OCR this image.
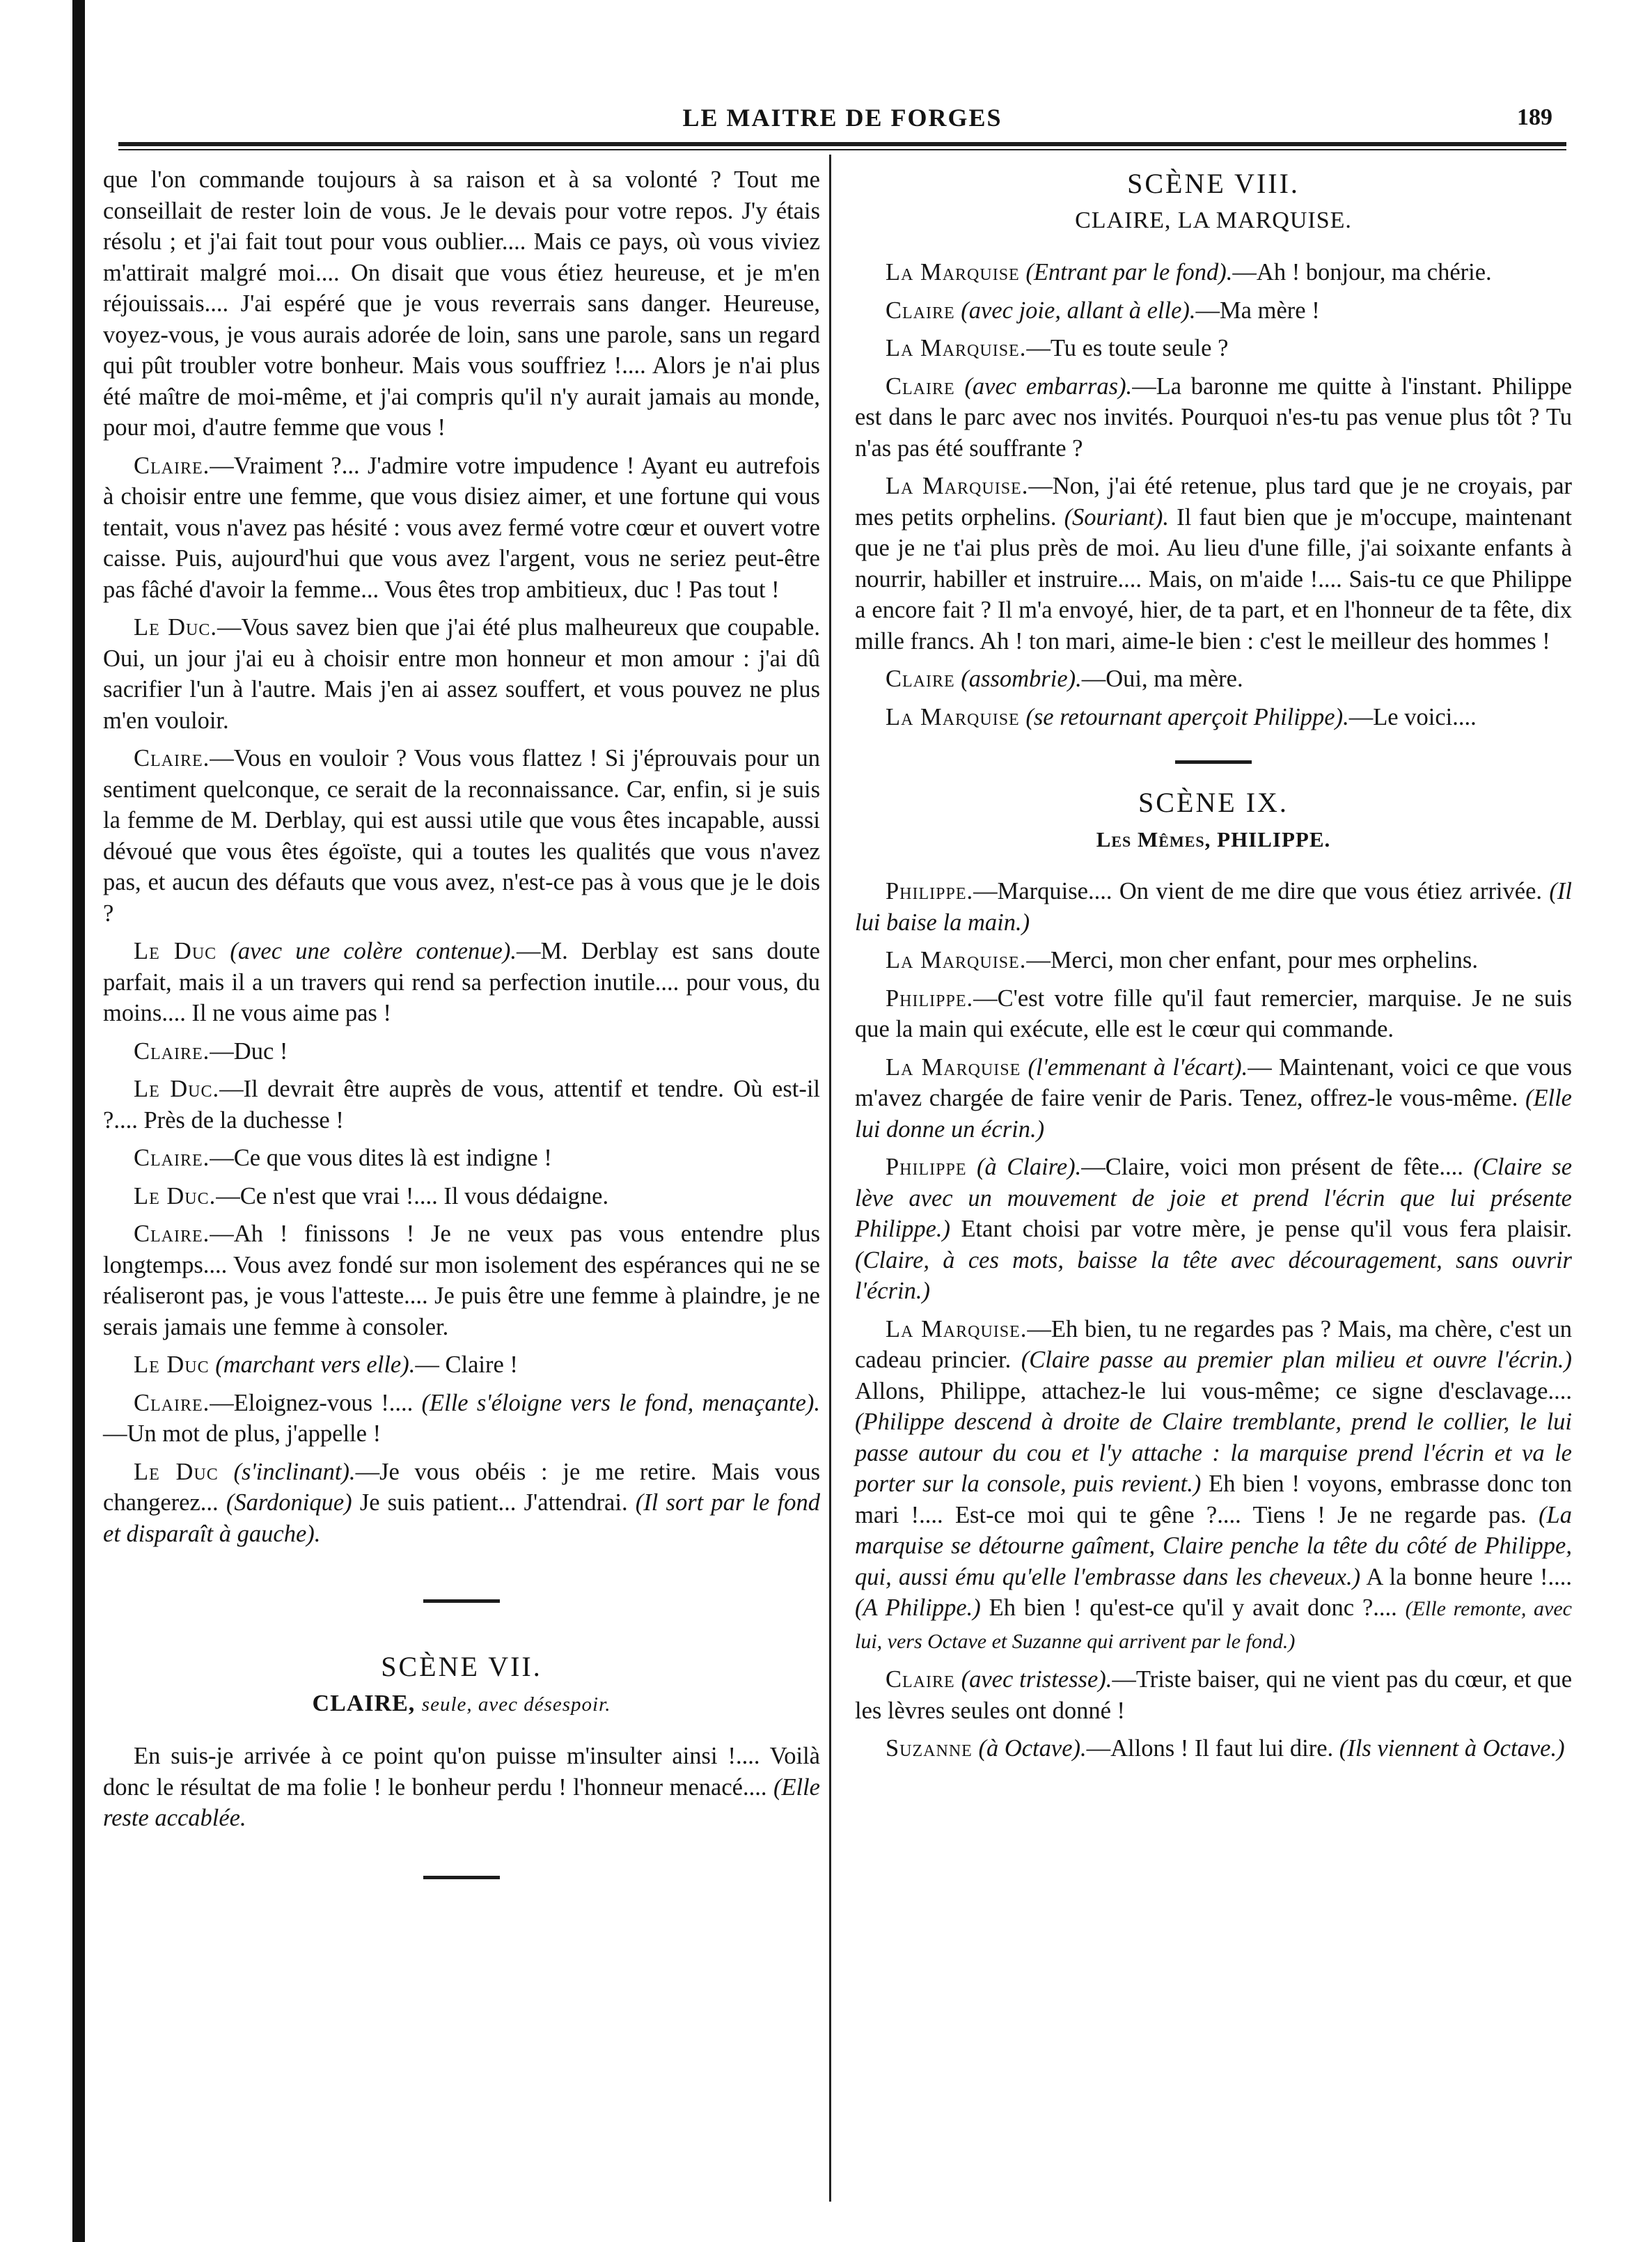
LE MAITRE DE FORGES	189

que l'on commande toujours à sa raison et à sa volonté ? Tout me conseillait de rester loin de vous. Je le devais pour votre repos. J'y étais résolu ; et j'ai fait tout pour vous oublier.... Mais ce pays, où vous viviez m'attirait malgré moi.... On disait que vous étiez heureuse, et je m'en réjouissais.... J'ai espéré que je vous reverrais sans danger. Heureuse, voyez-vous, je vous aurais adorée de loin, sans une parole, sans un regard qui pût troubler votre bonheur. Mais vous souffriez !.... Alors je n'ai plus été maître de moi-même, et j'ai compris qu'il n'y aurait jamais au monde, pour moi, d'autre femme que vous !

Claire.—Vraiment ?... J'admire votre impudence ! Ayant eu autrefois à choisir entre une femme, que vous disiez aimer, et une fortune qui vous tentait, vous n'avez pas hésité : vous avez fermé votre cœur et ouvert votre caisse. Puis, aujourd'hui que vous avez l'argent, vous ne seriez peut-être pas fâché d'avoir la femme... Vous êtes trop ambitieux, duc ! Pas tout !

Le Duc.—Vous savez bien que j'ai été plus malheureux que coupable. Oui, un jour j'ai eu à choisir entre mon honneur et mon amour : j'ai dû sacrifier l'un à l'autre. Mais j'en ai assez souffert, et vous pouvez ne plus m'en vouloir.

Claire.—Vous en vouloir ? Vous vous flattez ! Si j'éprouvais pour un sentiment quelconque, ce serait de la reconnaissance. Car, enfin, si je suis la femme de M. Derblay, qui est aussi utile que vous êtes incapable, aussi dévoué que vous êtes égoïste, qui a toutes les qualités que vous n'avez pas, et aucun des défauts que vous avez, n'est-ce pas à vous que je le dois ?

Le Duc (avec une colère contenue).—M. Derblay est sans doute parfait, mais il a un travers qui rend sa perfection inutile.... pour vous, du moins.... Il ne vous aime pas !

Claire.—Duc !

Le Duc.—Il devrait être auprès de vous, attentif et tendre. Où est-il ?.... Près de la duchesse !

Claire.—Ce que vous dites là est indigne !

Le Duc.—Ce n'est que vrai !.... Il vous dédaigne.

Claire.—Ah ! finissons ! Je ne veux pas vous entendre plus longtemps.... Vous avez fondé sur mon isolement des espérances qui ne se réaliseront pas, je vous l'atteste.... Je puis être une femme à plaindre, je ne serais jamais une femme à consoler.

Le Duc (marchant vers elle).— Claire !

Claire.—Eloignez-vous !.... (Elle s'éloigne vers le fond, menaçante).—Un mot de plus, j'appelle !

Le Duc (s'inclinant).—Je vous obéis : je me retire. Mais vous changerez... (Sardonique) Je suis patient... J'attendrai. (Il sort par le fond et disparaît à gauche).

SCÈNE VII.
CLAIRE, seule, avec désespoir.

En suis-je arrivée à ce point qu'on puisse m'insulter ainsi !.... Voilà donc le résultat de ma folie ! le bonheur perdu ! l'honneur menacé.... (Elle reste accablée.

SCÈNE VIII.
CLAIRE, LA MARQUISE.

La Marquise (Entrant par le fond).—Ah ! bonjour, ma chérie.

Claire (avec joie, allant à elle).—Ma mère !

La Marquise.—Tu es toute seule ?

Claire (avec embarras).—La baronne me quitte à l'instant. Philippe est dans le parc avec nos invités. Pourquoi n'es-tu pas venue plus tôt ? Tu n'as pas été souffrante ?

La Marquise.—Non, j'ai été retenue, plus tard que je ne croyais, par mes petits orphelins. (Souriant). Il faut bien que je m'occupe, maintenant que je ne t'ai plus près de moi. Au lieu d'une fille, j'ai soixante enfants à nourrir, habiller et instruire.... Mais, on m'aide !.... Sais-tu ce que Philippe a encore fait ? Il m'a envoyé, hier, de ta part, et en l'honneur de ta fête, dix mille francs. Ah ! ton mari, aime-le bien : c'est le meilleur des hommes !

Claire (assombrie).—Oui, ma mère.

La Marquise (se retournant aperçoit Philippe).—Le voici....

SCÈNE IX.
Les Mêmes, PHILIPPE.

Philippe.—Marquise.... On vient de me dire que vous étiez arrivée. (Il lui baise la main.)

La Marquise.—Merci, mon cher enfant, pour mes orphelins.

Philippe.—C'est votre fille qu'il faut remercier, marquise. Je ne suis que la main qui exécute, elle est le cœur qui commande.

La Marquise (l'emmenant à l'écart).— Maintenant, voici ce que vous m'avez chargée de faire venir de Paris. Tenez, offrez-le vous-même. (Elle lui donne un écrin.)

Philippe (à Claire).—Claire, voici mon présent de fête.... (Claire se lève avec un mouvement de joie et prend l'écrin que lui présente Philippe.) Etant choisi par votre mère, je pense qu'il vous fera plaisir. (Claire, à ces mots, baisse la tête avec découragement, sans ouvrir l'écrin.)

La Marquise.—Eh bien, tu ne regardes pas ? Mais, ma chère, c'est un cadeau princier. (Claire passe au premier plan milieu et ouvre l'écrin.) Allons, Philippe, attachez-le lui vous-même; ce signe d'esclavage.... (Philippe descend à droite de Claire tremblante, prend le collier, le lui passe autour du cou et l'y attache : la marquise prend l'écrin et va le porter sur la console, puis revient.) Eh bien ! voyons, embrasse donc ton mari !.... Est-ce moi qui te gêne ?.... Tiens ! Je ne regarde pas. (La marquise se détourne gaîment, Claire penche la tête du côté de Philippe, qui, aussi ému qu'elle l'embrasse dans les cheveux.) A la bonne heure !.... (A Philippe.) Eh bien ! qu'est-ce qu'il y avait donc ?.... (Elle remonte, avec lui, vers Octave et Suzanne qui arrivent par le fond.)

Claire (avec tristesse).—Triste baiser, qui ne vient pas du cœur, et que les lèvres seules ont donné !

Suzanne (à Octave).—Allons ! Il faut lui dire. (Ils viennent à Octave.)
